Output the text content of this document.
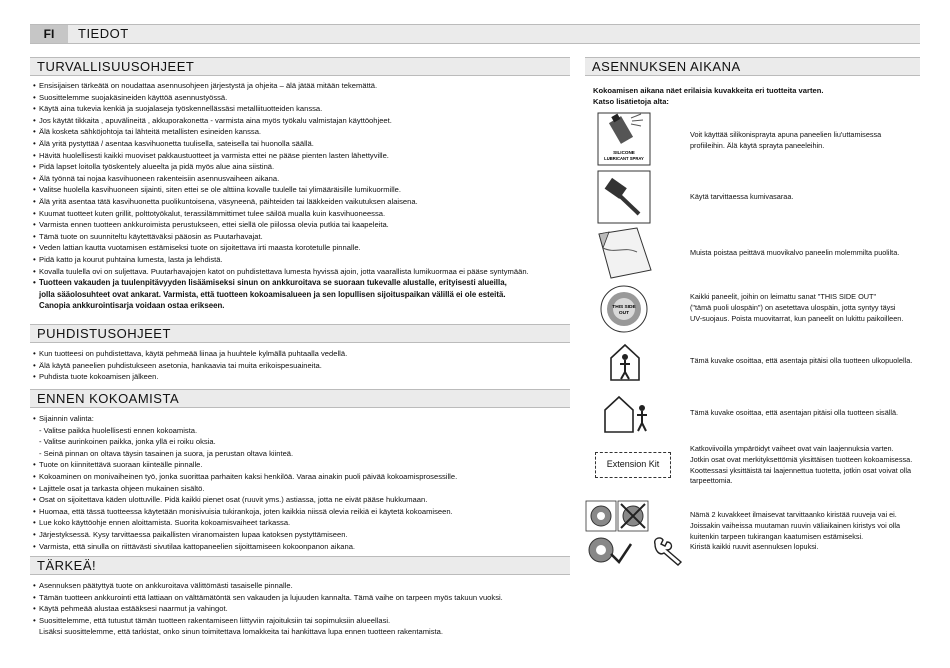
FI	TIEDOT
TURVALLISUUSOHJEET
• Ensisijaisen tärkeätä on noudattaa asennusohjeen järjestystä ja ohjeita – älä jätää mitään tekemättä.
• Suosittelemme suojakäsineiden käyttöä asennustyössä.
• Käytä aina tukevia kenkiä ja suojalaseja työskennellässäsi metalliituotteiden kanssa.
• Jos käytät tikkaita , apuvälineitä , akkuporakonetta - varmista aina myös työkalu valmistajan käyttöohjeet.
• Älä kosketa sähköjohtoja tai lähteitä metallisten esineiden kanssa.
• Älä yritä pystyttää / asentaa kasvihuonetta tuulisella, sateisella tai huonolla säällä.
• Hävitä huolellisesti kaikki muoviset pakkaustuotteet ja varmista ettei ne pääse pienten lasten lähettyville.
• Pidä lapset loitolla työskentely alueelta ja pidä myös alue aina siistinä.
• Älä työnnä tai nojaa kasvihuoneen rakenteisiin asennusvaiheen aikana.
• Valitse huolella kasvihuoneen sijainti, siten ettei se ole alttiina kovalle tuulelle tai ylimääräisille lumikuormille.
• Älä yritä asentaa tätä kasvihuonetta puolikuntoisena, väsyneenä, päihteiden tai lääkkeiden vaikutuksen alaisena.
• Kuumat tuotteet kuten grillit, polttotyökalut, terassilämmittimet tulee säilöä mualla kuin kasvihuoneessa.
• Varmista ennen tuotteen ankkuroimista perustukseen, ettei siellä ole piilossa olevia putkia tai kaapeleita.
• Tämä tuote on suunniteltu käytettäväksi pääosin as Puutarhavajat.
• Veden lattian kautta vuotamisen estämiseksi tuote on sijoitettava irti maasta korotetulle pinnalle.
• Pidä katto ja kourut puhtaina lumesta, lasta ja lehdistä.
• Kovalla tuulella ovi on suljettava. Puutarhavajojen katot on puhdistettava lumesta hyvissä ajoin, jotta vaarallista lumikuormaa ei pääse syntymään.
• Tuotteen vakauden ja tuulenpitävyyden lisäämiseksi sinun on ankkuroitava se suoraan tukevalle alustalle, erityisesti alueilla,
jolla sääolosuhteet ovat ankarat. Varmista, että tuotteen kokoamisalueen ja sen lopullisen sijoituspaikan välillä ei ole esteitä.
Canopia ankkurointisarja voidaan ostaa erikseen.
PUHDISTUSOHJEET
• Kun tuotteesi on puhdistettava, käytä pehmeää liinaa ja huuhtele kylmällä puhtaalla vedellä.
• Älä käytä paneelien puhdistukseen asetonia, hankaavia tai muita erikoispesuaineita.
• Puhdista tuote kokoamisen jälkeen.
ENNEN KOKOAMISTA
• Sijainnin valinta:
- Valitse paikka huolellisesti ennen kokoamista.
- Valitse aurinkoinen paikka, jonka yllä ei roiku oksia.
- Seinä pinnan on oltava täysin tasainen ja suora, ja perustan oltava kiinteä.
• Tuote on kiinnitettävä suoraan kiinteälle pinnalle.
• Kokoaminen on monivaiheinen työ, jonka suorittaa parhaiten kaksi henkilöä. Varaa ainakin puoli päivää kokoamisprosessille.
• Lajittele osat ja tarkasta ohjeen mukainen sisältö.
• Osat on sijoitettava käden ulottuville. Pidä kaikki pienet osat (ruuvit yms.) astiassa, jotta ne eivät pääse hukkumaan.
• Huomaa, että tässä tuotteessa käytetään monisivuisia tukirankoja, joten kaikkia niissä olevia reikiä ei käytetä kokoamiseen.
• Lue koko käyttöohje ennen aloittamista. Suorita kokoamisvaiheet tarkassa.
• Järjestyksessä. Kysy tarvittaessa paikallisten viranomaisten lupaa katoksen pystyttämiseen.
• Varmista, että sinulla on riittävästi sivutilaa kattopaneelien sijoittamiseen kokoonpanon aikana.
TÄRKEÄ!
• Asennuksen päätyttyä tuote on ankkuroitava välittömästi tasaiselle pinnalle.
• Tämän tuotteen ankkurointi että lattiaan on välttämätöntä sen vakauden ja lujuuden kannalta. Tämä vaihe on tarpeen myös takuun vuoksi.
• Käytä pehmeää alustaa estääksesi naarmut ja vahingot.
• Suosittelemme, että tutustut tämän tuotteen rakentamiseen liittyviin rajoituksiin tai sopimuksiin alueellasi.
Lisäksi suosittelemme, että tarkistat, onko sinun toimitettava lomakkeita tai hankittava lupa ennen tuotteen rakentamista.
ASENNUKSEN AIKANA
Kokoamisen aikana näet erilaisia kuvakkeita eri tuotteita varten.
Katso lisätietoja alta:
SILICONE
LUBRICANT SPRAY
Voit käyttää silikonisprayta apuna paneelien liu'uttamisessa
profiileihin. Älä käytä sprayta paneeleihin.
Käytä tarvittaessa kumivasaraa.
Muista poistaa peittävä muovikalvo paneelin molemmilta puolilta.
THIS SIDE
OUT
Kaikki paneelit, joihin on leimattu sanat "THIS SIDE OUT"
("tämä puoli ulospäin") on asetettava ulospäin, jotta syntyy täysi
UV-suojaus. Poista muovitarrat, kun paneelit on lukittu paikoilleen.
Tämä kuvake osoittaa, että asentaja pitäisi olla tuotteen ulkopuolella.
Tämä kuvake osoittaa, että asentajan pitäisi olla tuotteen sisällä.
Extension Kit
Katkoviivoilla ympäröidyt vaiheet ovat vain laajennuksia varten.
Jotkin osat ovat merkityksettömiä yksittäisen tuotteen kokoamisessa.
Koottessasi yksittäistä tai laajennettua tuotetta, jotkin osat voivat olla
tarpeettomia.
Nämä 2 kuvakkeet ilmaisevat tarvittaanko kiristää ruuveja vai ei.
Joissakin vaiheissa muutaman ruuvin väliaikainen kiristys voi olla
kuitenkin tarpeen tukirangan kaatumisen estämiseksi.
Kiristä kaikki ruuvit asennuksen lopuksi.
